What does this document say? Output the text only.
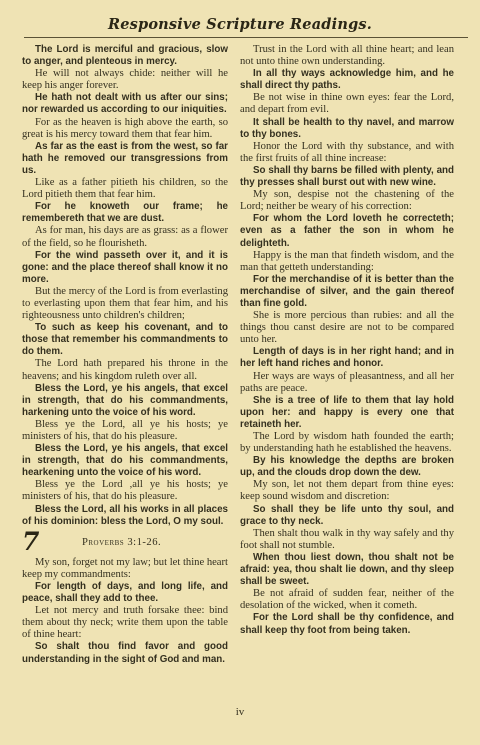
Responsive Scripture Readings.

The Lord is merciful and gracious, slow to anger, and plenteous in mercy.

He will not always chide: neither will he keep his anger forever.

He hath not dealt with us after our sins; nor rewarded us according to our iniquities.

For as the heaven is high above the earth, so great is his mercy toward them that fear him.

As far as the east is from the west, so far hath he removed our transgressions from us.

Like as a father pitieth his children, so the Lord pitieth them that fear him.

For he knoweth our frame; he remembereth that we are dust.

As for man, his days are as grass: as a flower of the field, so he flourisheth.

For the wind passeth over it, and it is gone: and the place thereof shall know it no more.

But the mercy of the Lord is from everlasting to everlasting upon them that fear him, and his righteousness unto children's children;

To such as keep his covenant, and to those that remember his commandments to do them.

The Lord hath prepared his throne in the heavens; and his kingdom ruleth over all.

Bless the Lord, ye his angels, that excel in strength, that do his commandments, harkening unto the voice of his word.

Bless ye the Lord, all ye his hosts; ye ministers of his, that do his pleasure.

Bless the Lord, ye his angels, that excel in strength, that do his commandments, hearkening unto the voice of his word.

Bless ye the Lord ,all ye his hosts; ye ministers of his, that do his pleasure.

Bless the Lord, all his works in all places of his dominion: bless the Lord, O my soul.

7	Proverbs 3:1-26.

My son, forget not my law; but let thine heart keep my commandments:

For length of days, and long life, and peace, shall they add to thee.

Let not mercy and truth forsake thee: bind them about thy neck; write them upon the table of thine heart:

So shalt thou find favor and good understanding in the sight of God and man.

Trust in the Lord with all thine heart; and lean not unto thine own understanding.

In all thy ways acknowledge him, and he shall direct thy paths.

Be not wise in thine own eyes: fear the Lord, and depart from evil.

It shall be health to thy navel, and marrow to thy bones.

Honor the Lord with thy substance, and with the first fruits of all thine increase:

So shall thy barns be filled with plenty, and thy presses shall burst out with new wine.

My son, despise not the chastening of the Lord; neither be weary of his correction:

For whom the Lord loveth he correcteth; even as a father the son in whom he delighteth.

Happy is the man that findeth wisdom, and the man that getteth understanding:

For the merchandise of it is better than the merchandise of silver, and the gain thereof than fine gold.

She is more percious than rubies: and all the things thou canst desire are not to be compared unto her.

Length of days is in her right hand; and in her left hand riches and honor.

Her ways are ways of pleasantness, and all her paths are peace.

She is a tree of life to them that lay hold upon her: and happy is every one that retaineth her.

The Lord by wisdom hath founded the earth; by understanding hath he established the heavens.

By his knowledge the depths are broken up, and the clouds drop down the dew.

My son, let not them depart from thine eyes: keep sound wisdom and discretion:

So shall they be life unto thy soul, and grace to thy neck.

Then shalt thou walk in thy way safely and thy foot shall not stumble.

When thou liest down, thou shalt not be afraid: yea, thou shalt lie down, and thy sleep shall be sweet.

Be not afraid of sudden fear, neither of the desolation of the wicked, when it cometh.

For the Lord shall be thy confidence, and shall keep thy foot from being taken.

iv
